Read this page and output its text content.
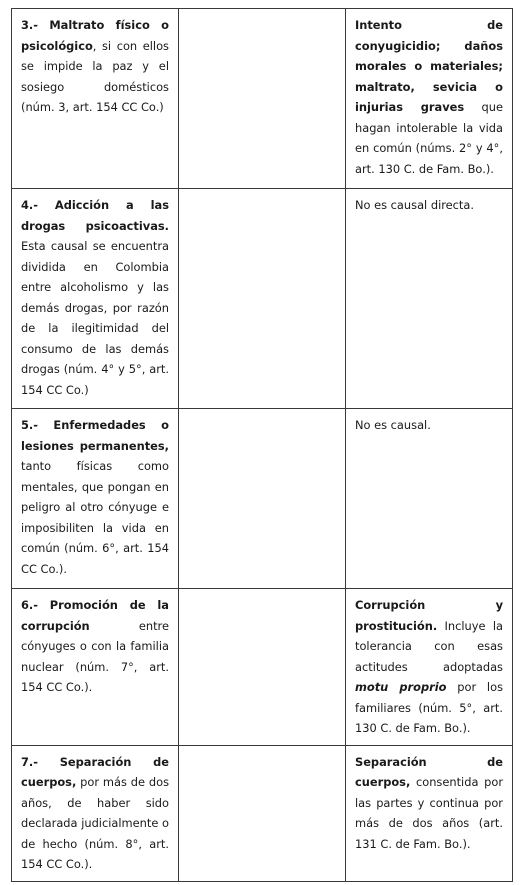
3.- Maltrato físico o psicológico, si con ellos se impide la paz y el sosiego domésticos (núm. 3, art. 154 CC Co.)		Intento de conyugicidio; daños morales o materiales; maltrato, sevicia o injurias graves que hagan intolerable la vida en común (núms. 2° y 4°, art. 130 C. de Fam. Bo.).
4.- Adicción a las drogas psicoactivas. Esta causal se encuentra dividida en Colombia entre alcoholismo y las demás drogas, por razón de la ilegitimidad del consumo de las demás drogas (núm. 4° y 5°, art. 154 CC Co.)		No es causal directa.
5.- Enfermedades o lesiones permanentes, tanto físicas como mentales, que pongan en peligro al otro cónyuge e imposibiliten la vida en común (núm. 6°, art. 154 CC Co.).		No es causal.
6.- Promoción de la corrupción entre cónyuges o con la familia nuclear (núm. 7°, art. 154 CC Co.).		Corrupción y prostitución. Incluye la tolerancia con esas actitudes adoptadas motu proprio por los familiares (núm. 5°, art. 130 C. de Fam. Bo.).
7.- Separación de cuerpos, por más de dos años, de haber sido declarada judicialmente o de hecho (núm. 8°, art. 154 CC Co.).		Separación de cuerpos, consentida por las partes y continua por más de dos años (art. 131 C. de Fam. Bo.).
